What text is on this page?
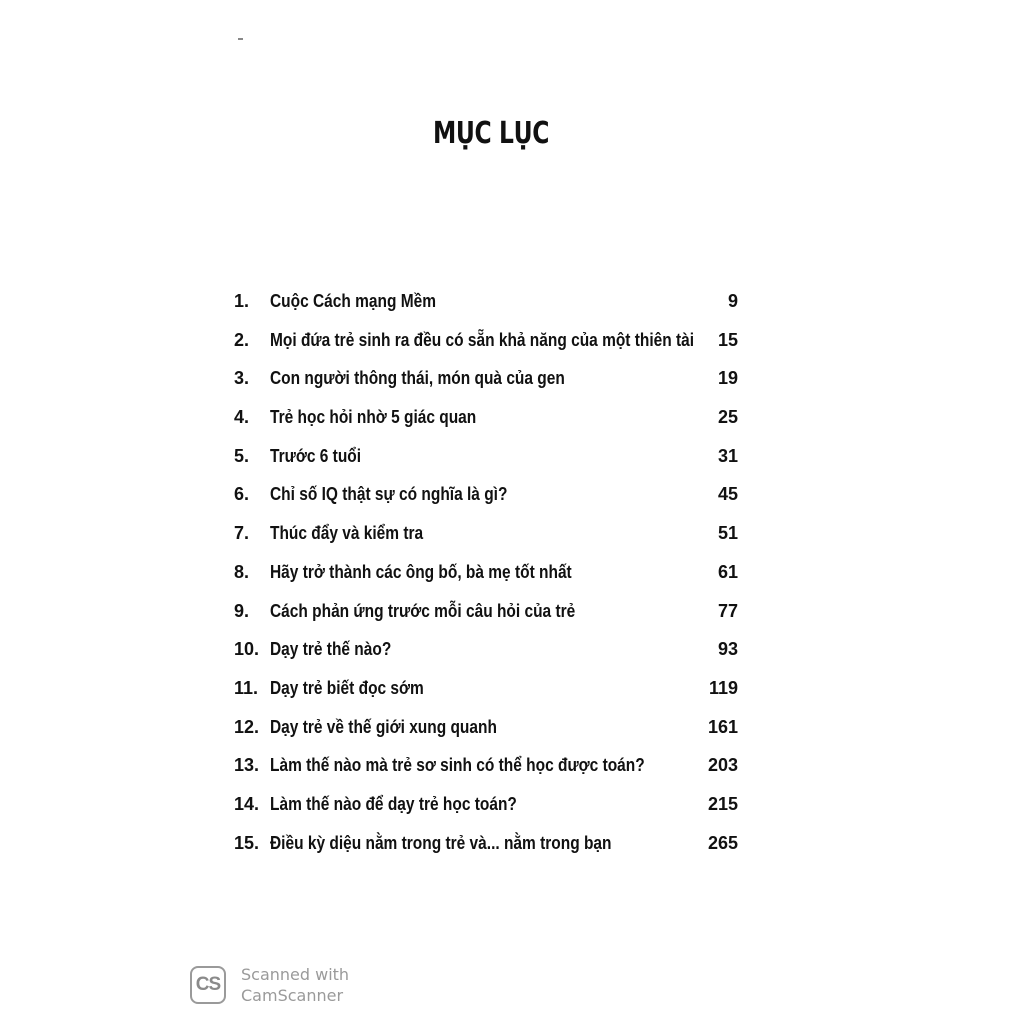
MỤC LỤC
1.	Cuộc Cách mạng Mềm	9
2.	Mọi đứa trẻ sinh ra đều có sẵn khả năng của một thiên tài 15
3.	Con người thông thái, món quà của gen	19
4.	Trẻ học hỏi nhờ 5 giác quan	25
5.	Trước 6 tuổi	31
6.	Chỉ số IQ thật sự có nghĩa là gì?	45
7.	Thúc đẩy và kiểm tra	51
8.	Hãy trở thành các ông bố, bà mẹ tốt nhất	61
9.	Cách phản ứng trước mỗi câu hỏi của trẻ	77
10. Dạy trẻ thế nào?	93
11. Dạy trẻ biết đọc sớm	119
12. Dạy trẻ về thế giới xung quanh	161
13. Làm thế nào mà trẻ sơ sinh có thể học được toán?	203
14. Làm thế nào để dạy trẻ học toán?	215
15. Điều kỳ diệu nằm trong trẻ và... nằm trong bạn	265
CS Scanned with
CamScanner
